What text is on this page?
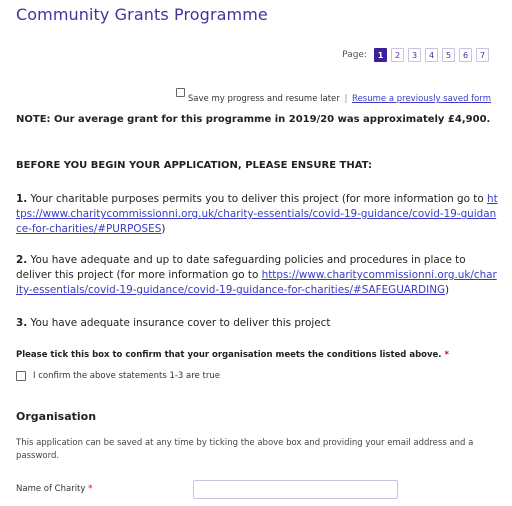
Community Grants Programme
Page:	1	2	3	4	5	6	7
Save my progress and resume later | Resume a previously saved form
NOTE: Our average grant for this programme in 2019/20 was approximately £4,900.
BEFORE YOU BEGIN YOUR APPLICATION, PLEASE ENSURE THAT:
1. Your charitable purposes permits you to deliver this project (for more information go to https://www.charitycommissionni.org.uk/charity-essentials/covid-19-guidance/covid-19-guidance-for-charities/#PURPOSES)
2. You have adequate and up to date safeguarding policies and procedures in place to deliver this project (for more information go to https://www.charitycommissionni.org.uk/charity-essentials/covid-19-guidance/covid-19-guidance-for-charities/#SAFEGUARDING)
3. You have adequate insurance cover to deliver this project
Please tick this box to confirm that your organisation meets the conditions listed above. *
I confirm the above statements 1-3 are true
Organisation
This application can be saved at any time by ticking the above box and providing your email address and a password.
Name of Charity *
